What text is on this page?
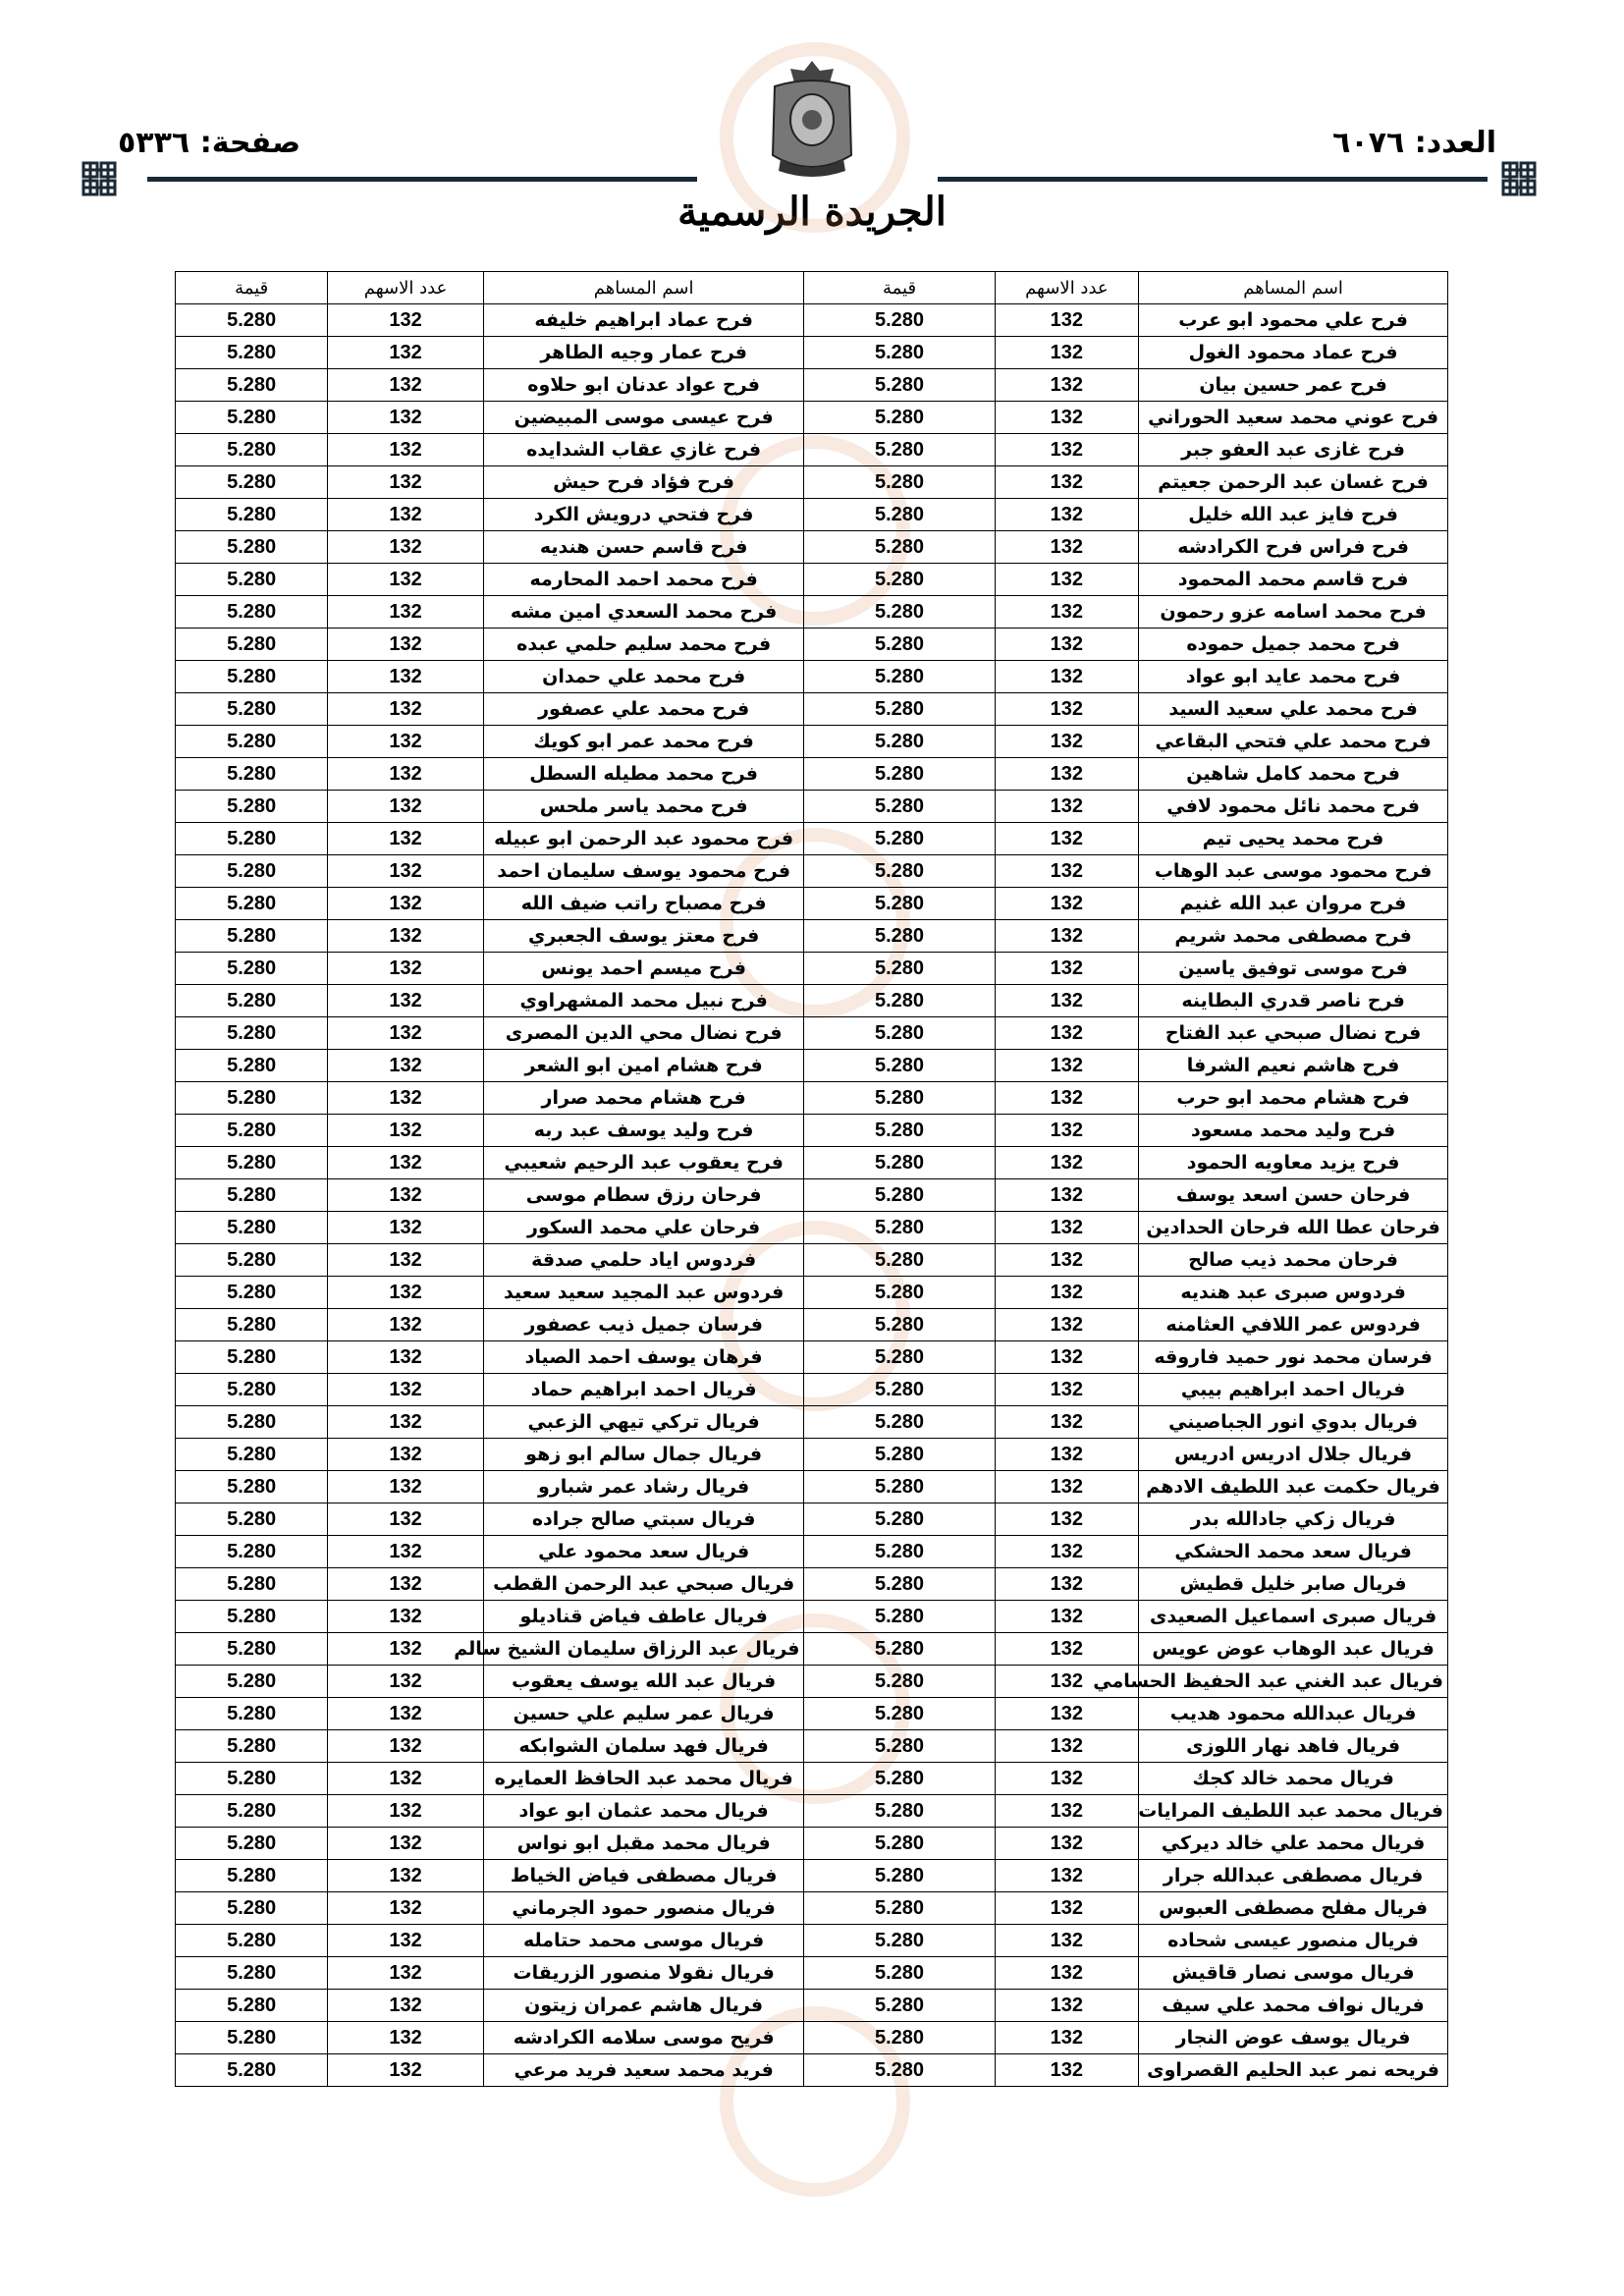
العدد: ٦٠٧٦
صفحة: ٥٣٣٦
الجريدة الرسمية
اسم المساهم	عدد الاسهم	قيمة	اسم المساهم	عدد الاسهم	قيمة
فرح علي محمود ابو عرب	132	5.280	فرح عماد ابراهيم خليفه	132	5.280
فرح عماد محمود الغول	132	5.280	فرح عمار وجيه الطاهر	132	5.280
فرح عمر حسين بيان	132	5.280	فرح عواد عدنان ابو حلاوه	132	5.280
فرح عوني محمد سعيد الحوراني	132	5.280	فرح عيسى موسى المبيضين	132	5.280
فرح غازى عبد العفو جبر	132	5.280	فرح غازي عقاب الشدايده	132	5.280
فرح غسان عبد الرحمن جعيتم	132	5.280	فرح فؤاد فرح حيش	132	5.280
فرح فايز عبد الله خليل	132	5.280	فرح فتحي درويش الكرد	132	5.280
فرح فراس فرح الكرادشه	132	5.280	فرح قاسم حسن هنديه	132	5.280
فرح قاسم محمد المحمود	132	5.280	فرح محمد احمد المحارمه	132	5.280
فرح محمد اسامه عزو رحمون	132	5.280	فرح محمد السعدي امين مشه	132	5.280
فرح محمد جميل حموده	132	5.280	فرح محمد سليم حلمي عبده	132	5.280
فرح محمد عايد ابو عواد	132	5.280	فرح محمد علي حمدان	132	5.280
فرح محمد علي سعيد السيد	132	5.280	فرح محمد علي عصفور	132	5.280
فرح محمد علي فتحي البقاعي	132	5.280	فرح محمد عمر ابو كويك	132	5.280
فرح محمد كامل شاهين	132	5.280	فرح محمد مطيله السطل	132	5.280
فرح محمد نائل محمود لافي	132	5.280	فرح محمد ياسر ملحس	132	5.280
فرح محمد يحيى تيم	132	5.280	فرح محمود عبد الرحمن ابو عبيله	132	5.280
فرح محمود موسى عبد الوهاب	132	5.280	فرح محمود يوسف سليمان احمد	132	5.280
فرح مروان عبد الله غنيم	132	5.280	فرح مصباح راتب ضيف الله	132	5.280
فرح مصطفى محمد شريم	132	5.280	فرح معتز يوسف الجعبري	132	5.280
فرح موسى توفيق ياسين	132	5.280	فرح ميسم احمد يونس	132	5.280
فرح ناصر قدري البطاينه	132	5.280	فرح نبيل محمد المشهراوي	132	5.280
فرح نضال صبحي عبد الفتاح	132	5.280	فرح نضال محي الدين المصرى	132	5.280
فرح هاشم نعيم الشرفا	132	5.280	فرح هشام امين ابو الشعر	132	5.280
فرح هشام محمد ابو حرب	132	5.280	فرح هشام محمد صرار	132	5.280
فرح وليد محمد مسعود	132	5.280	فرح وليد يوسف عبد ربه	132	5.280
فرح يزيد معاويه الحمود	132	5.280	فرح يعقوب عبد الرحيم شعيبي	132	5.280
فرحان حسن اسعد يوسف	132	5.280	فرحان رزق سطام موسى	132	5.280
فرحان عطا الله فرحان الحدادين	132	5.280	فرحان علي محمد السكور	132	5.280
فرحان محمد ذيب صالح	132	5.280	فردوس اياد حلمي صدقة	132	5.280
فردوس صبرى عبد هنديه	132	5.280	فردوس عبد المجيد سعيد سعيد	132	5.280
فردوس عمر اللافي العثامنه	132	5.280	فرسان جميل ذيب عصفور	132	5.280
فرسان محمد نور حميد فاروقه	132	5.280	فرهان يوسف احمد الصياد	132	5.280
فريال احمد ابراهيم بيبي	132	5.280	فريال احمد ابراهيم حماد	132	5.280
فريال بدوي انور الجباصيني	132	5.280	فريال تركي تيهي الزعبي	132	5.280
فريال جلال ادريس ادريس	132	5.280	فريال جمال سالم ابو زهو	132	5.280
فريال حكمت عبد اللطيف الادهم	132	5.280	فريال رشاد عمر شبارو	132	5.280
فريال زكي جادالله بدر	132	5.280	فريال سبتي صالح جراده	132	5.280
فريال سعد محمد الحشكي	132	5.280	فريال سعد محمود علي	132	5.280
فريال صابر خليل قطيش	132	5.280	فريال صبحي عبد الرحمن القطب	132	5.280
فريال صبرى اسماعيل الصعيدى	132	5.280	فريال عاطف فياض قناديلو	132	5.280
فريال عبد الوهاب عوض عويس	132	5.280	فريال عبد الرزاق سليمان الشيخ سالم	132	5.280
فريال عبد الغني عبد الحفيظ الحسامي	132	5.280	فريال عبد الله يوسف يعقوب	132	5.280
فريال عبدالله محمود هديب	132	5.280	فريال عمر سليم علي حسين	132	5.280
فريال فاهد نهار اللوزى	132	5.280	فريال فهد سلمان الشوابكه	132	5.280
فريال محمد خالد كجك	132	5.280	فريال محمد عبد الحافظ العمايره	132	5.280
فريال محمد عبد اللطيف المرايات	132	5.280	فريال محمد عثمان ابو عواد	132	5.280
فريال محمد علي خالد ديركي	132	5.280	فريال محمد مقبل ابو نواس	132	5.280
فريال مصطفى عبدالله جرار	132	5.280	فريال مصطفى فياض الخياط	132	5.280
فريال مفلح مصطفى العبوس	132	5.280	فريال منصور حمود الجرماني	132	5.280
فريال منصور عيسى شحاده	132	5.280	فريال موسى محمد حتامله	132	5.280
فريال موسى نصار قاقيش	132	5.280	فريال نقولا منصور الزريقات	132	5.280
فريال نواف محمد علي سيف	132	5.280	فريال هاشم عمران زيتون	132	5.280
فريال يوسف عوض النجار	132	5.280	فريح موسى سلامه الكرادشه	132	5.280
فريحه نمر عبد الحليم القصراوى	132	5.280	فريد محمد سعيد فريد مرعي	132	5.280
